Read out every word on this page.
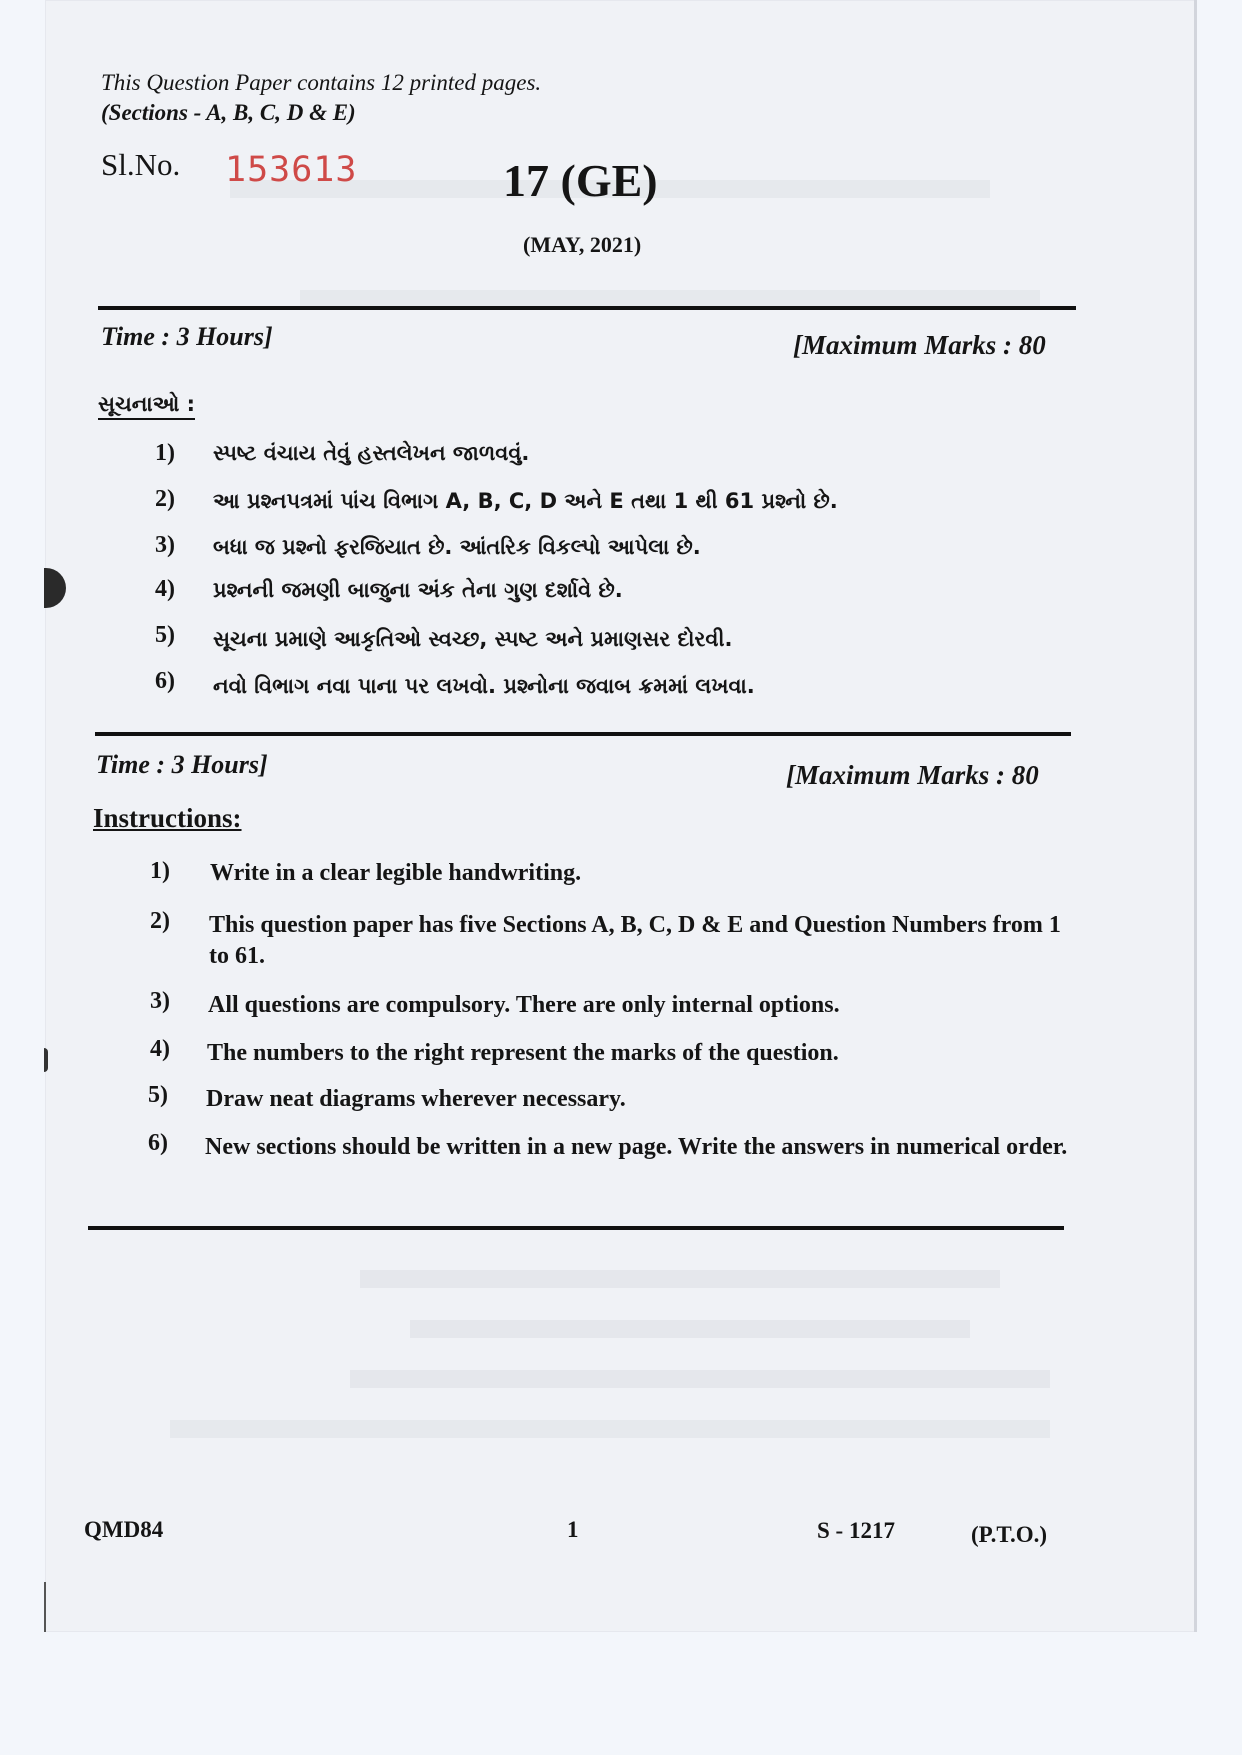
This Question Paper contains 12 printed pages.
(Sections - A, B, C, D & E)
Sl.No. 153613	17 (GE)
(MAY, 2021)
Time : 3 Hours]	[Maximum Marks : 80
સૂચનાઓ :
1) સ્પષ્ટ વંચાય તેવું હસ્તલેખન જાળવવું.
2) આ પ્રશ્નપત્રમાં પાંચ વિભાગ A, B, C, D અને E તથા 1 થી 61 પ્રશ્નો છે.
3) બધા જ પ્રશ્નો ફરજિયાત છે. આંતરિક વિકલ્પો આપેલા છે.
4) પ્રશ્નની જમણી બાજુના અંક તેના ગુણ દર્શાવે છે.
5) સૂચના પ્રમાણે આકૃતિઓ સ્વચ્છ, સ્પષ્ટ અને પ્રમાણસર દોરવી.
6) નવો વિભાગ નવા પાના પર લખવો. પ્રશ્નોના જવાબ ક્રમમાં લખવા.
Time : 3 Hours]	[Maximum Marks : 80
Instructions:
1) Write in a clear legible handwriting.
2) This question paper has five Sections A, B, C, D & E and Question Numbers from 1 to 61.
3) All questions are compulsory. There are only internal options.
4) The numbers to the right represent the marks of the question.
5) Draw neat diagrams wherever necessary.
6) New sections should be written in a new page. Write the answers in numerical order.
QMD84	1	S - 1217	(P.T.O.)
